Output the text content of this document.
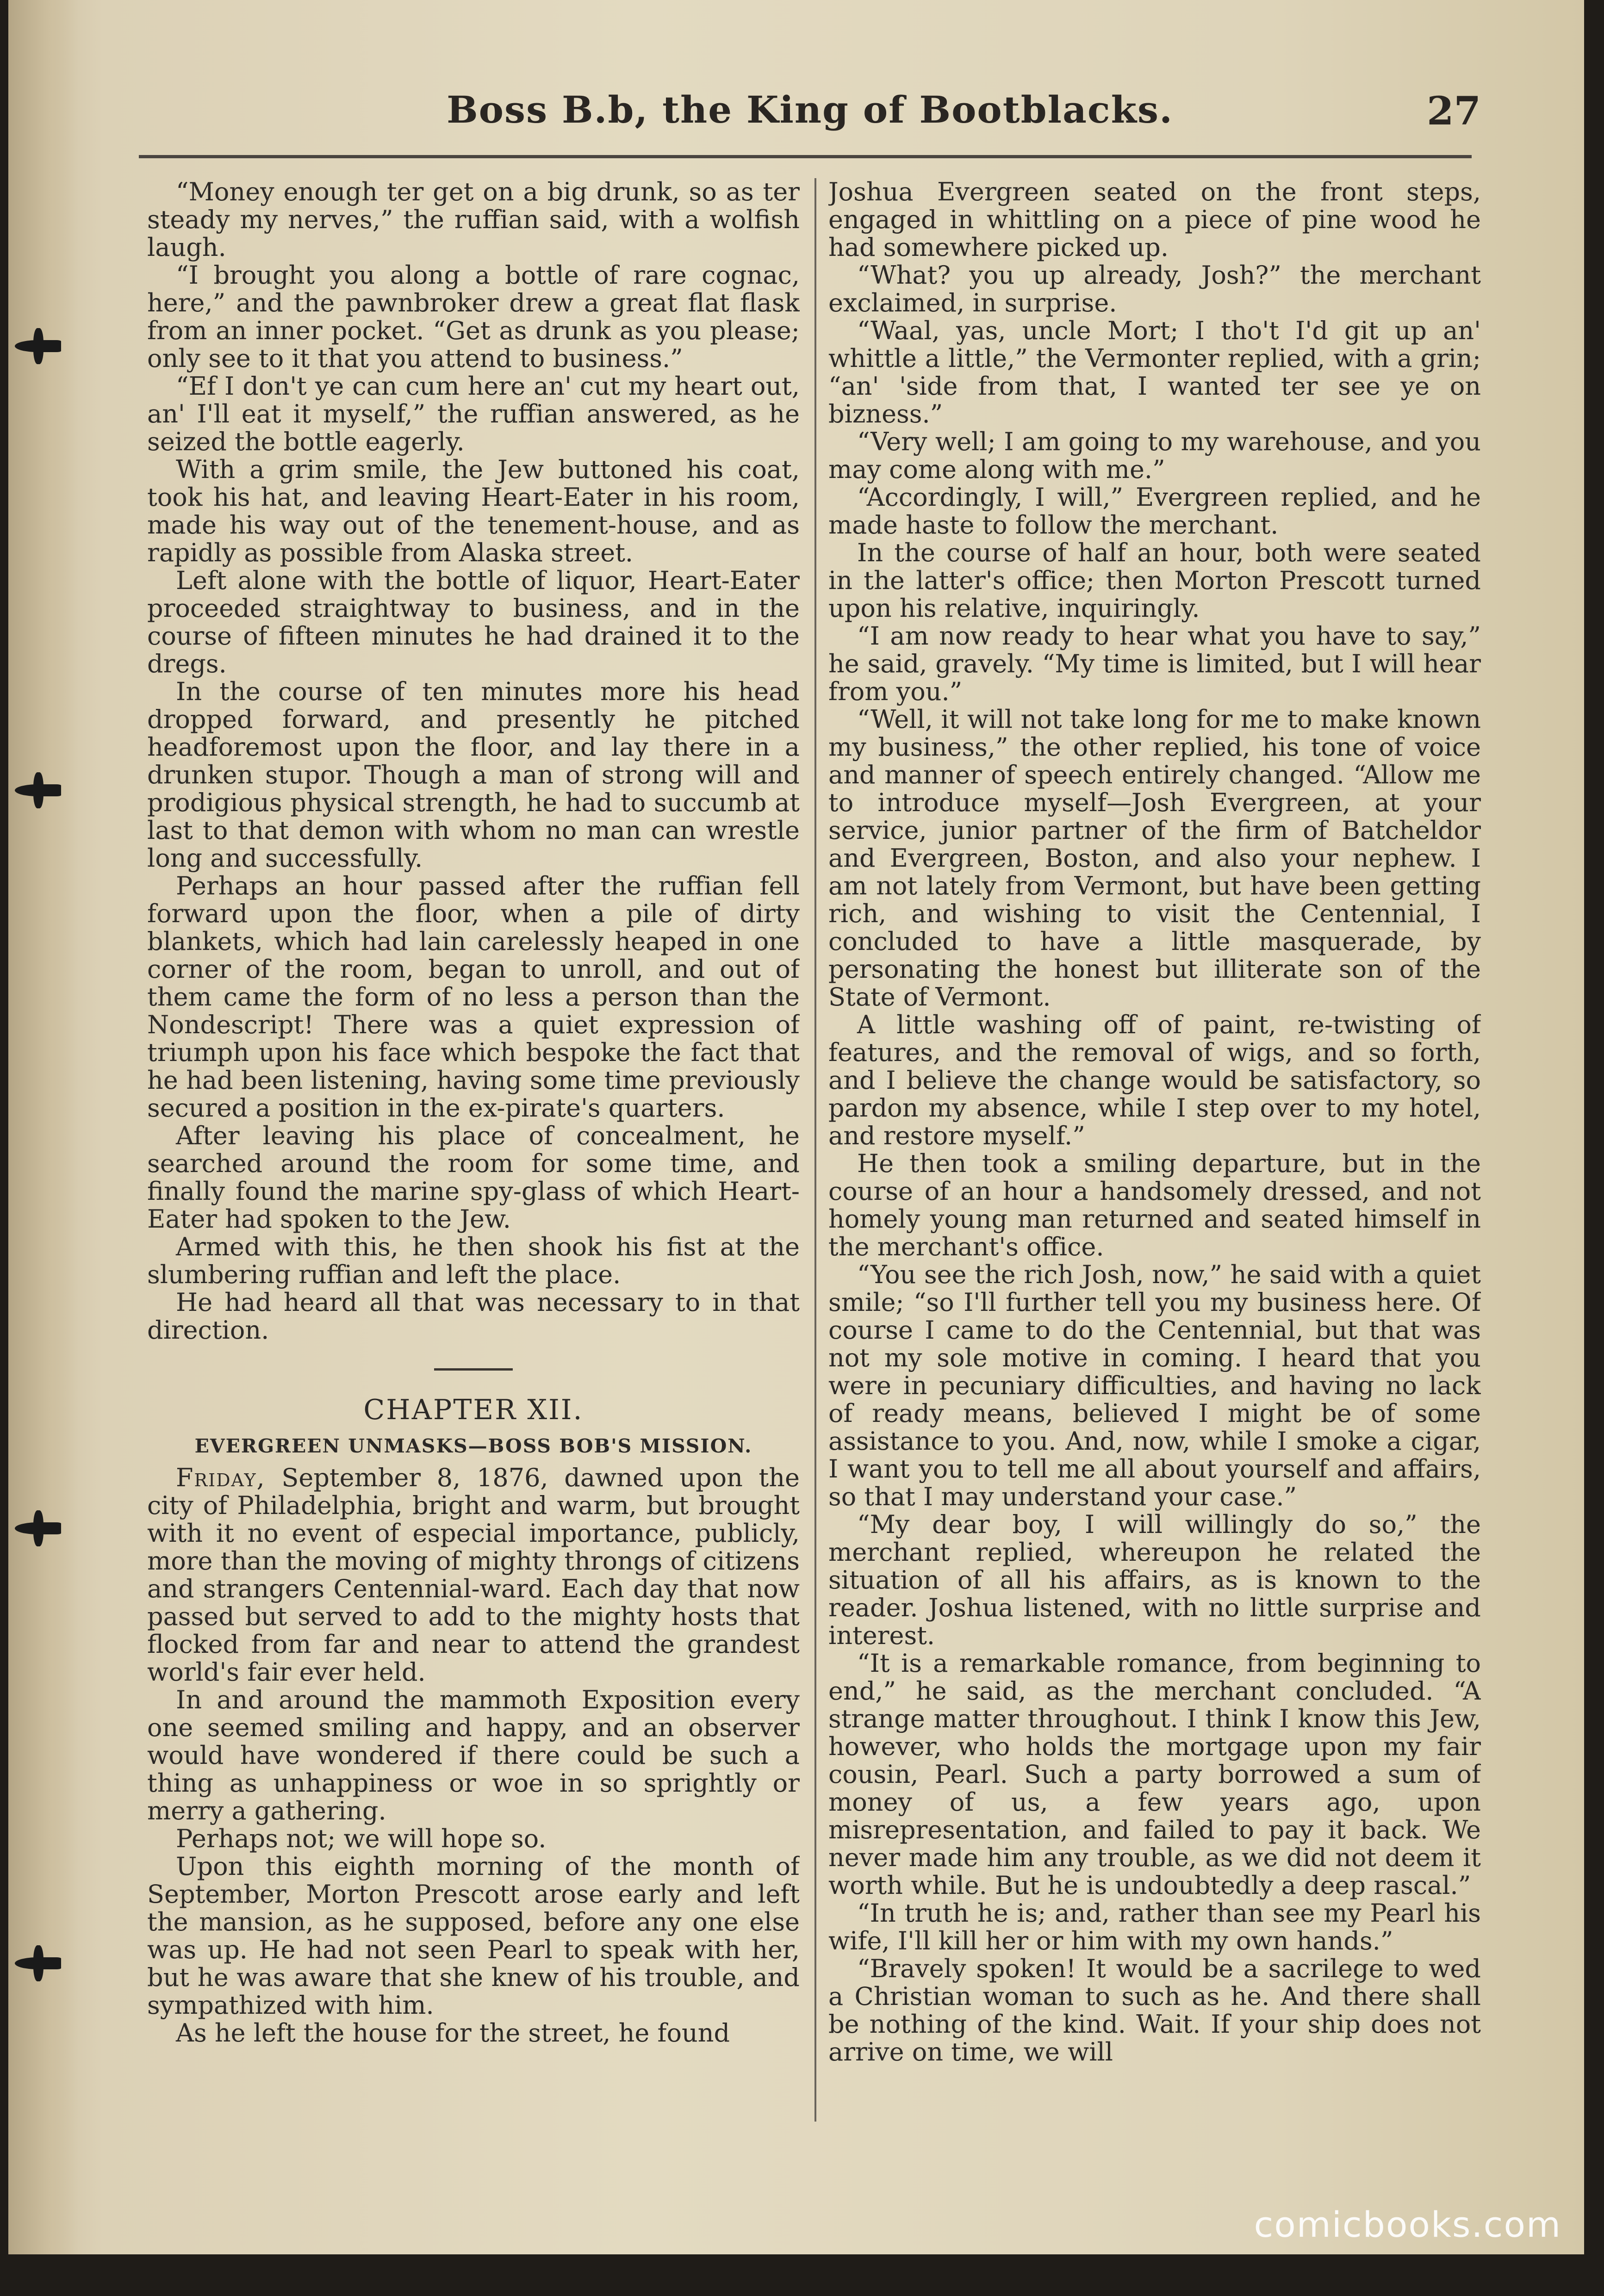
Boss B.b, the King of Bootblacks.	27

“Money enough ter get on a big drunk, so as ter steady my nerves,” the ruffian said, with a wolfish laugh.

“I brought you along a bottle of rare cognac, here,” and the pawnbroker drew a great flat flask from an inner pocket. “Get as drunk as you please; only see to it that you attend to business.”

“Ef I don't ye can cum here an' cut my heart out, an' I'll eat it myself,” the ruffian answered, as he seized the bottle eagerly.

With a grim smile, the Jew buttoned his coat, took his hat, and leaving Heart-Eater in his room, made his way out of the tenement-house, and as rapidly as possible from Alaska street.

Left alone with the bottle of liquor, Heart-Eater proceeded straightway to business, and in the course of fifteen minutes he had drained it to the dregs.

In the course of ten minutes more his head dropped forward, and presently he pitched headforemost upon the floor, and lay there in a drunken stupor. Though a man of strong will and prodigious physical strength, he had to succumb at last to that demon with whom no man can wrestle long and successfully.

Perhaps an hour passed after the ruffian fell forward upon the floor, when a pile of dirty blankets, which had lain carelessly heaped in one corner of the room, began to unroll, and out of them came the form of no less a person than the Nondescript! There was a quiet expression of triumph upon his face which bespoke the fact that he had been listening, having some time previously secured a position in the ex-pirate's quarters.

After leaving his place of concealment, he searched around the room for some time, and finally found the marine spy-glass of which Heart-Eater had spoken to the Jew.

Armed with this, he then shook his fist at the slumbering ruffian and left the place.

He had heard all that was necessary to in that direction.

CHAPTER XII.
EVERGREEN UNMASKS—BOSS BOB'S MISSION.

Friday, September 8, 1876, dawned upon the city of Philadelphia, bright and warm, but brought with it no event of especial importance, publicly, more than the moving of mighty throngs of citizens and strangers Centennial-ward. Each day that now passed but served to add to the mighty hosts that flocked from far and near to attend the grandest world's fair ever held.

In and around the mammoth Exposition every one seemed smiling and happy, and an observer would have wondered if there could be such a thing as unhappiness or woe in so sprightly or merry a gathering.

Perhaps not; we will hope so.

Upon this eighth morning of the month of September, Morton Prescott arose early and left the mansion, as he supposed, before any one else was up. He had not seen Pearl to speak with her, but he was aware that she knew of his trouble, and sympathized with him.

As he left the house for the street, he found

Joshua Evergreen seated on the front steps, engaged in whittling on a piece of pine wood he had somewhere picked up.

“What? you up already, Josh?” the merchant exclaimed, in surprise.

“Waal, yas, uncle Mort; I tho't I'd git up an' whittle a little,” the Vermonter replied, with a grin; “an' 'side from that, I wanted ter see ye on bizness.”

“Very well; I am going to my warehouse, and you may come along with me.”

“Accordingly, I will,” Evergreen replied, and he made haste to follow the merchant.

In the course of half an hour, both were seated in the latter's office; then Morton Prescott turned upon his relative, inquiringly.

“I am now ready to hear what you have to say,” he said, gravely. “My time is limited, but I will hear from you.”

“Well, it will not take long for me to make known my business,” the other replied, his tone of voice and manner of speech entirely changed. “Allow me to introduce myself—Josh Evergreen, at your service, junior partner of the firm of Batcheldor and Evergreen, Boston, and also your nephew. I am not lately from Vermont, but have been getting rich, and wishing to visit the Centennial, I concluded to have a little masquerade, by personating the honest but illiterate son of the State of Vermont.

A little washing off of paint, re-twisting of features, and the removal of wigs, and so forth, and I believe the change would be satisfactory, so pardon my absence, while I step over to my hotel, and restore myself.”

He then took a smiling departure, but in the course of an hour a handsomely dressed, and not homely young man returned and seated himself in the merchant's office.

“You see the rich Josh, now,” he said with a quiet smile; “so I'll further tell you my business here. Of course I came to do the Centennial, but that was not my sole motive in coming. I heard that you were in pecuniary difficulties, and having no lack of ready means, believed I might be of some assistance to you. And, now, while I smoke a cigar, I want you to tell me all about yourself and affairs, so that I may understand your case.”

“My dear boy, I will willingly do so,” the merchant replied, whereupon he related the situation of all his affairs, as is known to the reader. Joshua listened, with no little surprise and interest.

“It is a remarkable romance, from beginning to end,” he said, as the merchant concluded. “A strange matter throughout. I think I know this Jew, however, who holds the mortgage upon my fair cousin, Pearl. Such a party borrowed a sum of money of us, a few years ago, upon misrepresentation, and failed to pay it back. We never made him any trouble, as we did not deem it worth while. But he is undoubtedly a deep rascal.”

“In truth he is; and, rather than see my Pearl his wife, I'll kill her or him with my own hands.”

“Bravely spoken! It would be a sacrilege to wed a Christian woman to such as he. And there shall be nothing of the kind. Wait. If your ship does not arrive on time, we will

comicbooks.com
